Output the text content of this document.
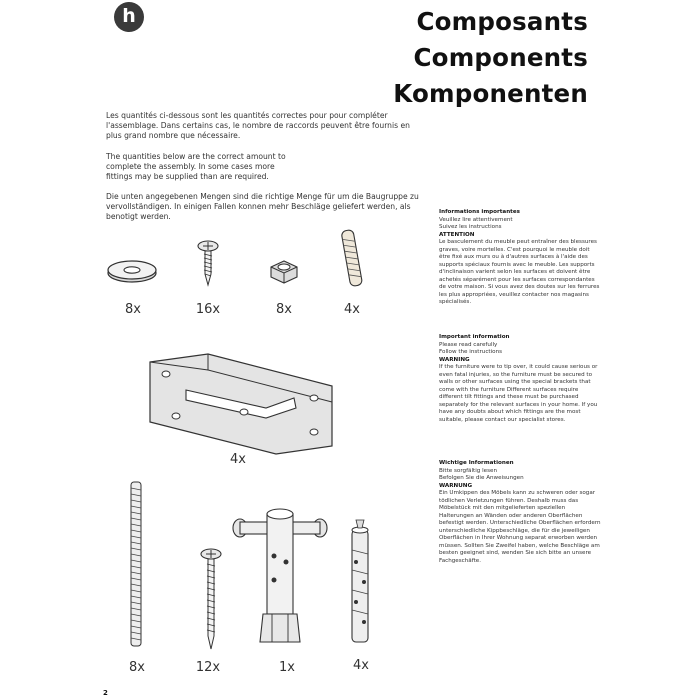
h	Composants
Components
Komponenten

Les quantités ci-dessous sont les quantités correctes pour pour compléter l'assemblage. Dans certains cas, le nombre de raccords peuvent être fournis en plus grand nombre que nécessaire.

The quantities below are the correct amount to complete the assembly. In some cases more fittings may be supplied than are required.

Die unten angegebenen Mengen sind die richtige Menge für um die Baugruppe zu vervollständigen. In einigen Fallen konnen mehr Beschläge geliefert werden, als benotigt werden.

8x	16x	8x	4x
4x
8x	12x	1x	4x
Informations importantes
Veuillez lire attentivement
Suivez les instructions
ATTENTION
Le basculement du meuble peut entraîner des blessures graves, voire mortelles. C'est pourquoi le meuble doit être fixé aux murs ou à d'autres surfaces à l'aide des supports spéciaux fournis avec le meuble. Les supports d'inclinaison varient selon les surfaces et doivent être achetés séparément pour les surfaces correspondantes de votre maison. Si vous avez des doutes sur les ferrures les plus appropriées, veuillez contacter nos magasins spécialisés.
Important information
Please read carefully
Follow the instructions
WARNING
If the furniture were to tip over, it could cause serious or even fatal injuries, so the furniture must be secured to walls or other surfaces using the special brackets that come with the furniture Different surfaces require different tilt fittings and these must be purchased separately for the relevant surfaces in your home. If you have any doubts about which fittings are the most suitable, please contact our specialist stores.
Wichtige Informationen
Bitte sorgfältig lesen
Befolgen Sie die Anweisungen
WARNUNG
Ein Umkippen des Möbels kann zu schweren oder sogar tödlichen Verletzungen führen. Deshalb muss das Möbelstück mit den mitgelieferten speziellen Halterungen an Wänden oder anderen Oberflächen befestigt werden. Unterschiedliche Oberflächen erfordern unterschiedliche Kippbeschläge, die für die jeweiligen Oberflächen in Ihrer Wohnung separat erworben werden müssen. Sollten Sie Zweifel haben, welche Beschläge am besten geeignet sind, wenden Sie sich bitte an unsere Fachgeschäfte.
2
